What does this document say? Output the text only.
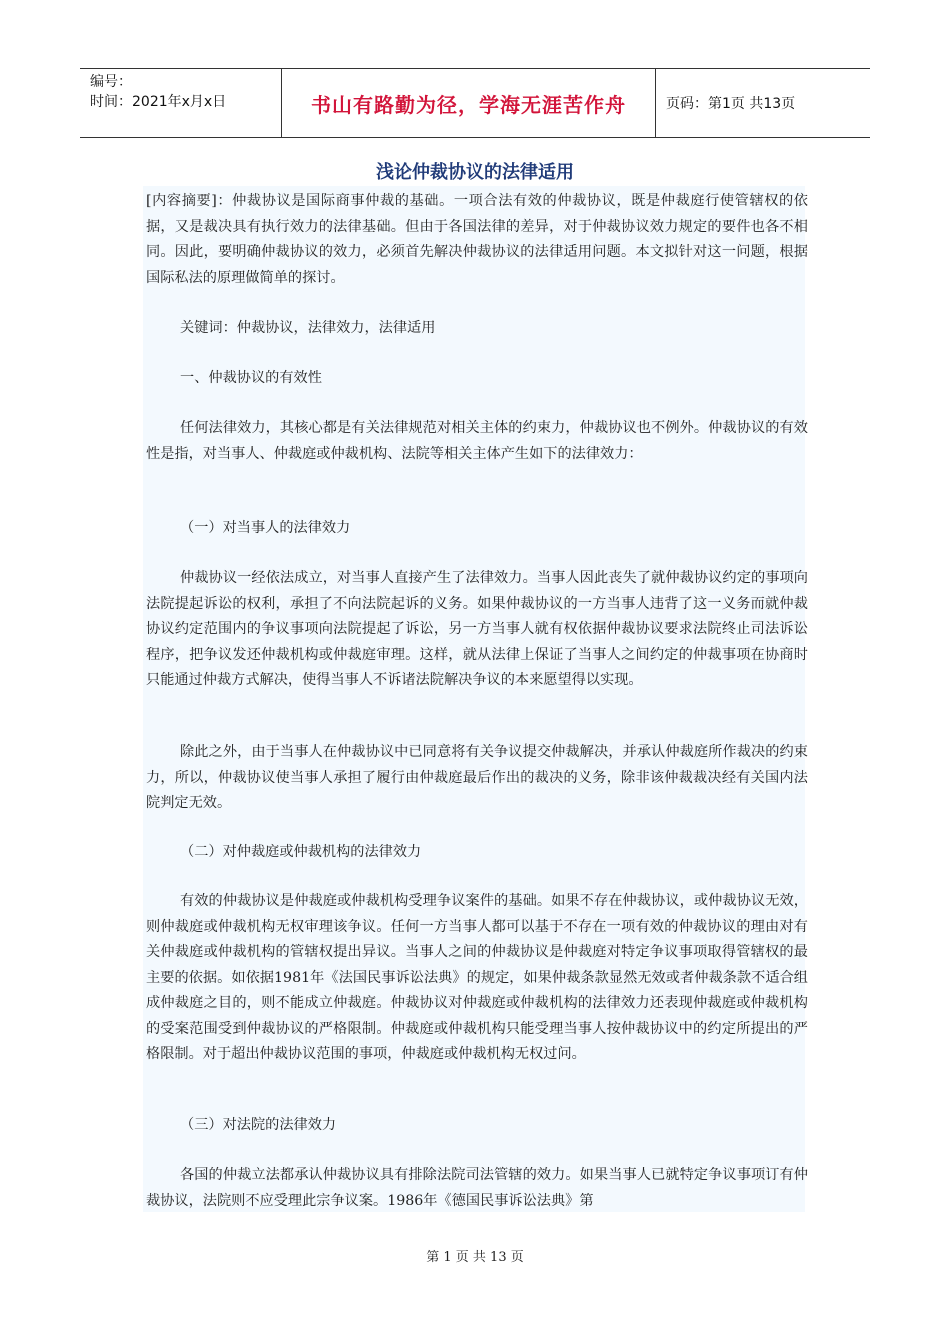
编号：
时间：2021年x月x日	书山有路勤为径，学海无涯苦作舟	页码：第1页 共13页
浅论仲裁协议的法律适用

[内容摘要]：仲裁协议是国际商事仲裁的基础。一项合法有效的仲裁协议，既是仲裁庭行使管辖权的依据，又是裁决具有执行效力的法律基础。但由于各国法律的差异，对于仲裁协议效力规定的要件也各不相同。因此，要明确仲裁协议的效力，必须首先解决仲裁协议的法律适用问题。本文拟针对这一问题，根据国际私法的原理做简单的探讨。

关键词：仲裁协议，法律效力，法律适用

一、仲裁协议的有效性

任何法律效力，其核心都是有关法律规范对相关主体的约束力，仲裁协议也不例外。仲裁协议的有效性是指，对当事人、仲裁庭或仲裁机构、法院等相关主体产生如下的法律效力：

（一）对当事人的法律效力

仲裁协议一经依法成立，对当事人直接产生了法律效力。当事人因此丧失了就仲裁协议约定的事项向法院提起诉讼的权利，承担了不向法院起诉的义务。如果仲裁协议的一方当事人违背了这一义务而就仲裁协议约定范围内的争议事项向法院提起了诉讼，另一方当事人就有权依据仲裁协议要求法院终止司法诉讼程序，把争议发还仲裁机构或仲裁庭审理。这样，就从法律上保证了当事人之间约定的仲裁事项在协商时只能通过仲裁方式解决，使得当事人不诉诸法院解决争议的本来愿望得以实现。

除此之外，由于当事人在仲裁协议中已同意将有关争议提交仲裁解决，并承认仲裁庭所作裁决的约束力，所以，仲裁协议使当事人承担了履行由仲裁庭最后作出的裁决的义务，除非该仲裁裁决经有关国内法院判定无效。

（二）对仲裁庭或仲裁机构的法律效力

有效的仲裁协议是仲裁庭或仲裁机构受理争议案件的基础。如果不存在仲裁协议，或仲裁协议无效，则仲裁庭或仲裁机构无权审理该争议。任何一方当事人都可以基于不存在一项有效的仲裁协议的理由对有关仲裁庭或仲裁机构的管辖权提出异议。当事人之间的仲裁协议是仲裁庭对特定争议事项取得管辖权的最主要的依据。如依据1981年《法国民事诉讼法典》的规定，如果仲裁条款显然无效或者仲裁条款不适合组成仲裁庭之目的，则不能成立仲裁庭。仲裁协议对仲裁庭或仲裁机构的法律效力还表现仲裁庭或仲裁机构的受案范围受到仲裁协议的严格限制。仲裁庭或仲裁机构只能受理当事人按仲裁协议中的约定所提出的严格限制。对于超出仲裁协议范围的事项，仲裁庭或仲裁机构无权过问。

（三）对法院的法律效力

各国的仲裁立法都承认仲裁协议具有排除法院司法管辖的效力。如果当事人已就特定争议事项订有仲裁协议，法院则不应受理此宗争议案。1986年《德国民事诉讼法典》第

第 1 页 共 13 页
